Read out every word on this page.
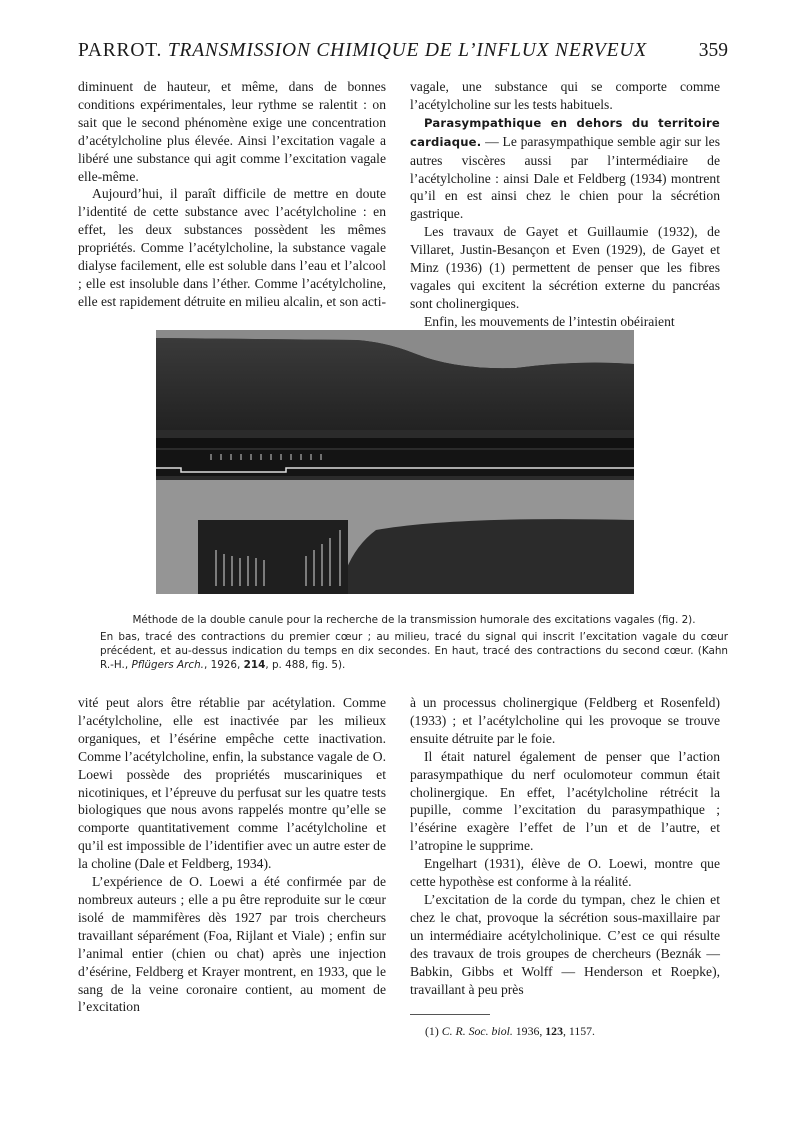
PARROT. TRANSMISSION CHIMIQUE DE L’INFLUX NERVEUX	359

diminuent de hauteur, et même, dans de bonnes conditions expérimentales, leur rythme se ralentit : on sait que le second phénomène exige une concentration d’acétylcholine plus élevée. Ainsi l’excitation vagale a libéré une substance qui agit comme l’excitation vagale elle-même.

Aujourd’hui, il paraît difficile de mettre en doute l’identité de cette substance avec l’acétylcholine : en effet, les deux substances possèdent les mêmes propriétés. Comme l’acétylcholine, la substance vagale dialyse facilement, elle est soluble dans l’eau et l’alcool ; elle est insoluble dans l’éther. Comme l’acétylcholine, elle est rapidement détruite en milieu alcalin, et son acti-

vagale, une substance qui se comporte comme l’acétylcholine sur les tests habituels.

Parasympathique en dehors du territoire cardiaque. — Le parasympathique semble agir sur les autres viscères aussi par l’intermédiaire de l’acétylcholine : ainsi Dale et Feldberg (1934) montrent qu’il en est ainsi chez le chien pour la sécrétion gastrique.

Les travaux de Gayet et Guillaumie (1932), de Villaret, Justin-Besançon et Even (1929), de Gayet et Minz (1936) (1) permettent de penser que les fibres vagales qui excitent la sécrétion externe du pancréas sont cholinergiques.

Enfin, les mouvements de l’intestin obéiraient

Méthode de la double canule pour la recherche de la transmission humorale des excitations vagales (fig. 2).
En bas, tracé des contractions du premier cœur ; au milieu, tracé du signal qui inscrit l’excitation vagale du cœur précédent, et au-dessus indication du temps en dix secondes. En haut, tracé des contractions du second cœur. (Kahn R.-H., Pflügers Arch., 1926, 214, p. 488, fig. 5).

vité peut alors être rétablie par acétylation. Comme l’acétylcholine, elle est inactivée par les milieux organiques, et l’ésérine empêche cette inactivation. Comme l’acétylcholine, enfin, la substance vagale de O. Loewi possède des propriétés muscariniques et nicotiniques, et l’épreuve du perfusat sur les quatre tests biologiques que nous avons rappelés montre qu’elle se comporte quantitativement comme l’acétylcholine et qu’il est impossible de l’identifier avec un autre ester de la choline (Dale et Feldberg, 1934).

L’expérience de O. Loewi a été confirmée par de nombreux auteurs ; elle a pu être reproduite sur le cœur isolé de mammifères dès 1927 par trois chercheurs travaillant séparément (Foa, Rijlant et Viale) ; enfin sur l’animal entier (chien ou chat) après une injection d’ésérine, Feldberg et Krayer montrent, en 1933, que le sang de la veine coronaire contient, au moment de l’excitation

à un processus cholinergique (Feldberg et Rosenfeld) (1933) ; et l’acétylcholine qui les provoque se trouve ensuite détruite par le foie.

Il était naturel également de penser que l’action parasympathique du nerf oculomoteur commun était cholinergique. En effet, l’acétylcholine rétrécit la pupille, comme l’excitation du parasympathique ; l’ésérine exagère l’effet de l’un et de l’autre, et l’atropine le supprime.

Engelhart (1931), élève de O. Loewi, montre que cette hypothèse est conforme à la réalité.

L’excitation de la corde du tympan, chez le chien et chez le chat, provoque la sécrétion sous-maxillaire par un intermédiaire acétylcholinique. C’est ce qui résulte des travaux de trois groupes de chercheurs (Beznák — Babkin, Gibbs et Wolff — Henderson et Roepke), travaillant à peu près

(1) C. R. Soc. biol. 1936, 123, 1157.
